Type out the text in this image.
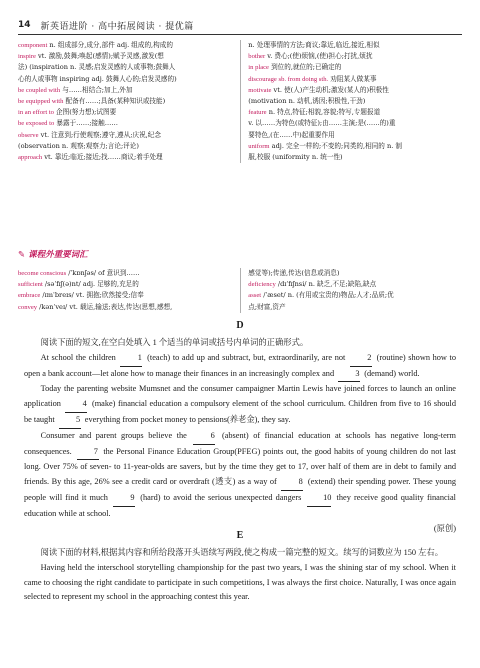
14 新英语进阶 · 高中拓展阅读 · 提优篇

component n. 组成部分,成分,部件 adj. 组成的,构成的

inspire vt. 激励,鼓舞;唤起(感情);赋予灵感,激发(想

法) (inspiration n. 灵感;启发灵感的人或事物;鼓舞人

心的人或事物 inspiring adj. 鼓舞人心的;启发灵感的)

be coupled with 与……相结合;加上,外加

be equipped with 配备有……;具备(某种知识或技能)

in an effort to 企图(努力想);试图要

be exposed to 暴露于……;接触……

observe vt. 注意到;行使观察;遵守,遵从;庆祝,纪念

(observation n. 观察;观察力;言论;评论)

approach vt. 靠近;临近;接近;找……商议;着手处理

n. 处理事情的方法;商议;靠近,临近,接近,相似

bother v. 费心;(使)烦恼,(使)担心;打扰,烦扰

in place 到位的,就位的;已确定的

discourage sb. from doing sth. 劝阻某人做某事

motivate vt. 使(人)产生动机;激发(某人的)积极性

(motivation n. 动机,诱因;积极性,干劲)

feature n. 特点,特征;相貌,容貌;特写,专题报道

v. 以……为特色(或特征);由……主演;是(……的)重

要特色,(在……中)起重要作用

uniform adj. 完全一样的;不变的;同类的,相同的 n. 制

服,校服 (uniformity n. 统一性)

✎ 课程外重要词汇

become conscious /ˈkɒnʃəs/ of 意识到……

sufficient /səˈfɪʃ(ə)nt/ adj. 足够的,充足的

embrace /ɪmˈbreɪs/ vt. 拥抱;欣然接受;信奉

convey /kənˈveɪ/ vt. 载运,输送;表达,传达(思想,感想,

感觉等);传递,传达(信息或消息)

deficiency /dɪˈfɪʃnsi/ n. 缺乏,不足;缺陷,缺点

asset /ˈæset/ n. (有用或宝贵的)物品;人才;品质;优

点;财富,资产

D

阅读下面的短文,在空白处填入 1 个适当的单词或括号内单词的正确形式。

At school the children 1 (teach) to add up and subtract, but, extraordinarily, are not 2 (routine) shown how to open a bank account—let alone how to manage their finances in an increasingly complex and 3 (demand) world.

Today the parenting website Mumsnet and the consumer campaigner Martin Lewis have joined forces to launch an online application 4 (make) financial education a compulsory element of the school curriculum. Children from five to 16 should be taught 5 everything from pocket money to pensions(养老金), they say.

Consumer and parent groups believe the 6 (absent) of financial education at schools has negative long-term consequences. 7 the Personal Finance Education Group(PFEG) points out, the good habits of young children do not last long. Over 75% of seven- to 11-year-olds are savers, but by the time they get to 17, over half of them are in debt to family and friends. By this age, 26% see a credit card or overdraft (透支) as a way of 8 (extend) their spending power. These young people will find it much 9 (hard) to avoid the serious unexpected dangers 10 they receive good quality financial education while at school.

(原创)
E

阅读下面的材料,根据其内容和所给段落开头语续写两段,使之构成一篇完整的短文。续写的词数应为 150 左右。

Having held the interschool storytelling championship for the past two years, I was the shining star of my school. When it came to choosing the right candidate to participate in such competitions, I was always the first choice. Naturally, I was once again selected to represent my school in the approaching contest this year.
